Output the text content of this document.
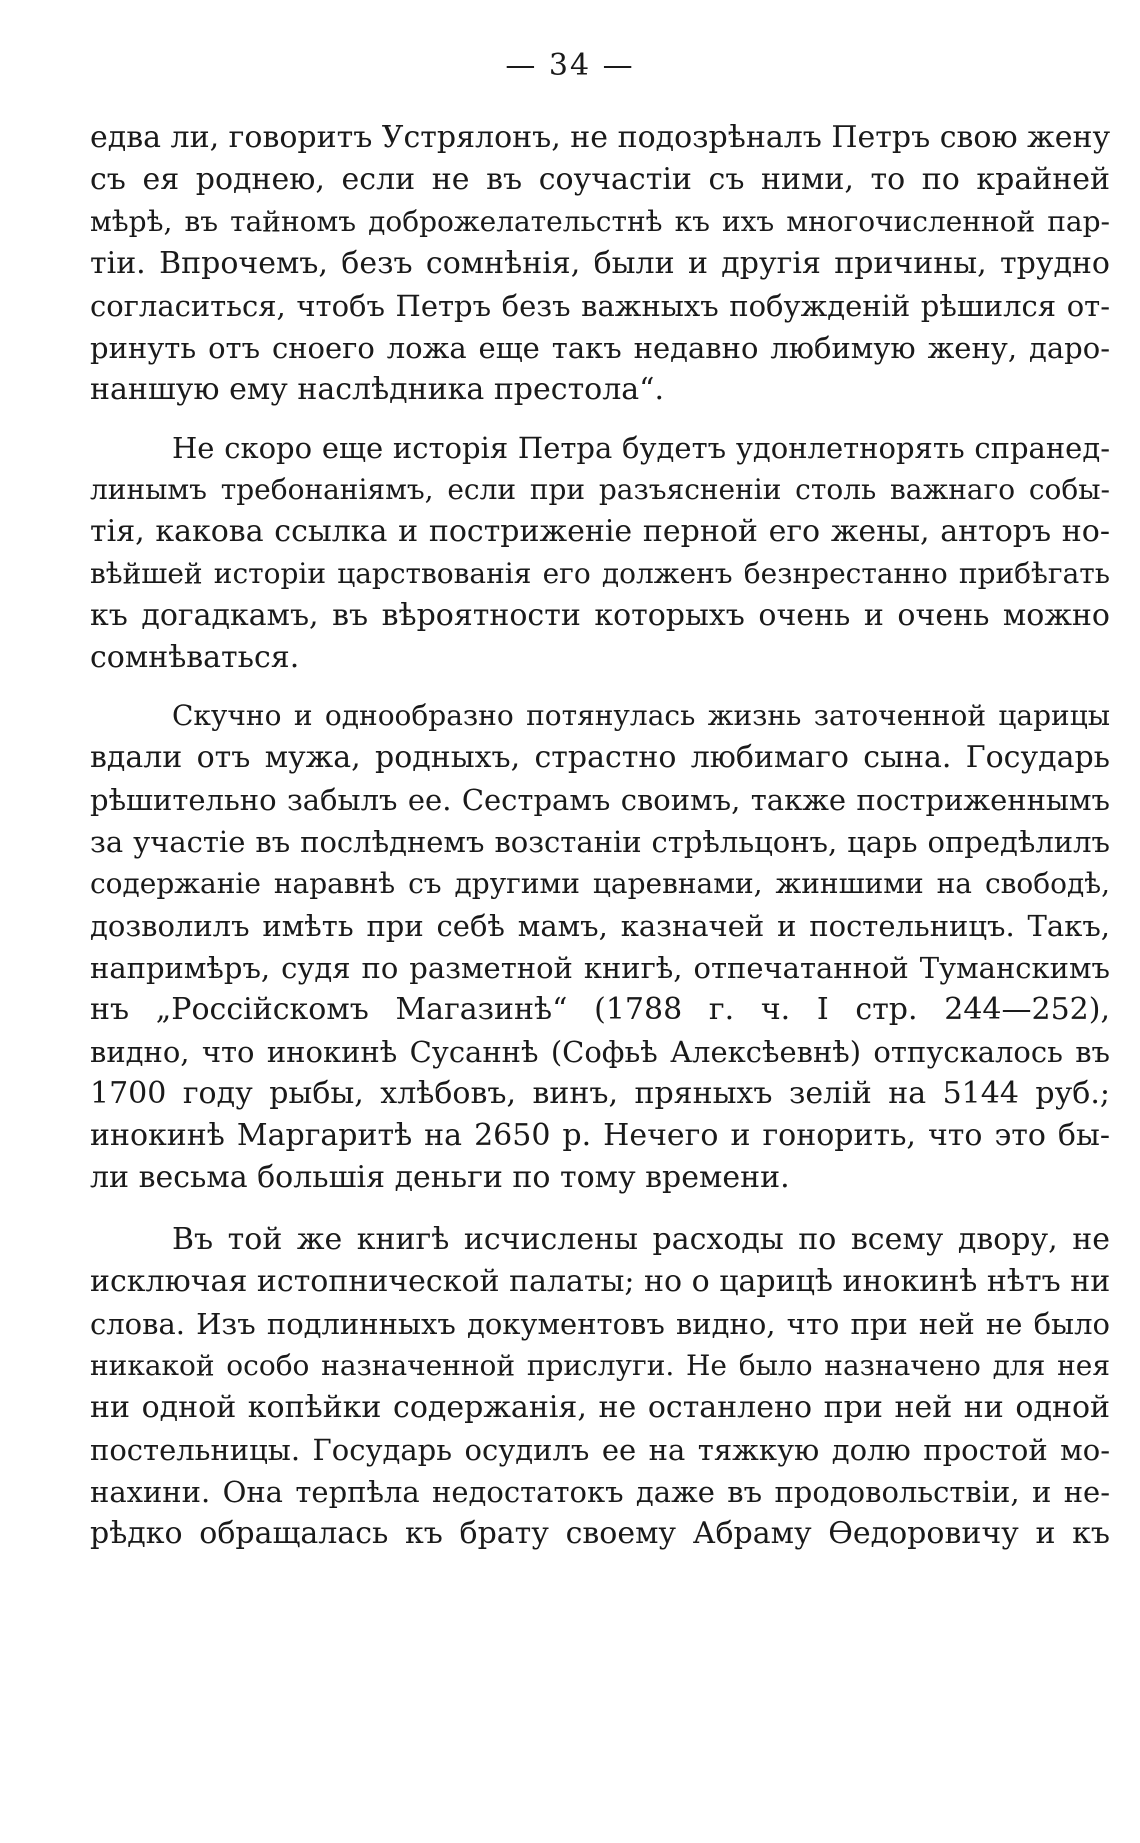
— 34 —
едва ли, говоритъ Устрялонъ, не подозрѣналъ Петръ свою жену
съ ея роднею, если не въ соучастіи съ ними, то по крайней
мѣрѣ, въ тайномъ доброжелательстнѣ къ ихъ многочисленной пар-
тіи. Впрочемъ, безъ сомнѣнія, были и другія причины, трудно
согласиться, чтобъ Петръ безъ важныхъ побужденій рѣшился от-
ринуть отъ сноего ложа еще такъ недавно любимую жену, даро-
наншую ему наслѣдника престола“.
Не скоро еще исторія Петра будетъ удонлетнорять спранед-
линымъ требонаніямъ, если при разъясненіи столь важнаго собы-
тія, какова ссылка и постриженіе перной его жены, анторъ но-
вѣйшей исторіи царствованія его долженъ безнрестанно прибѣгать
къ догадкамъ, въ вѣроятности которыхъ очень и очень можно
сомнѣваться.
Скучно и однообразно потянулась жизнь заточенной царицы
вдали отъ мужа, родныхъ, страстно любимаго сына. Государь
рѣшительно забылъ ее. Сестрамъ своимъ, также постриженнымъ
за участіе въ послѣднемъ возстаніи стрѣльцонъ, царь опредѣлилъ
содержаніе наравнѣ съ другими царевнами, жиншими на свободѣ,
дозволилъ имѣть при себѣ мамъ, казначей и постельницъ. Такъ,
напримѣръ, судя по разметной книгѣ, отпечатанной Туманскимъ
нъ „Россійскомъ Магазинѣ“ (1788 г. ч. I стр. 244—252),
видно, что инокинѣ Сусаннѣ (Софьѣ Алексѣевнѣ) отпускалось въ
1700 году рыбы, хлѣбовъ, винъ, пряныхъ зелій на 5144 руб.;
инокинѣ Маргаритѣ на 2650 р. Нечего и гонорить, что это бы-
ли весьма большія деньги по тому времени.
Въ той же книгѣ исчислены расходы по всему двору, не
исключая истопнической палаты; но о царицѣ инокинѣ нѣтъ ни
слова. Изъ подлинныхъ документовъ видно, что при ней не было
никакой особо назначенной прислуги. Не было назначено для нея
ни одной копѣйки содержанія, не останлено при ней ни одной
постельницы. Государь осудилъ ее на тяжкую долю простой мо-
нахини. Она терпѣла недостатокъ даже въ продовольствіи, и не-
рѣдко обращалась къ брату своему Абраму Ѳедоровичу и къ
